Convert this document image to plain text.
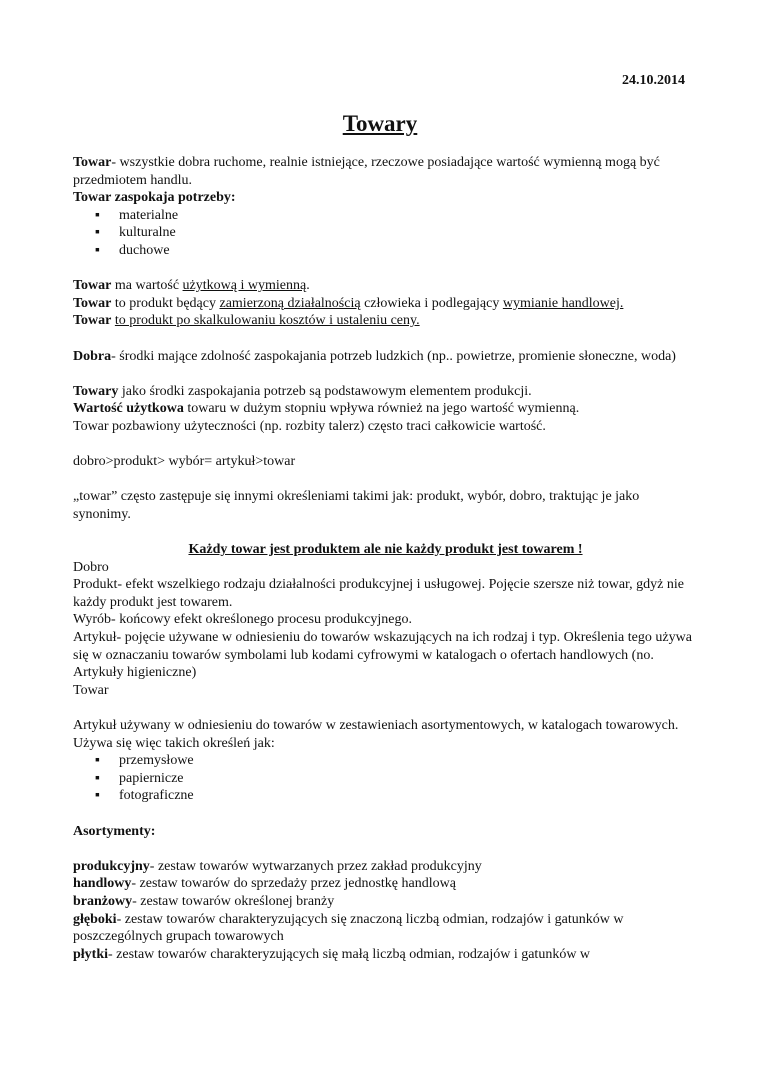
24.10.2014
Towary

Towar- wszystkie dobra ruchome, realnie istniejące, rzeczowe posiadające wartość wymienną mogą być przedmiotem handlu.

Towar zaspokaja potrzeby:

▪ materialne
▪ kulturalne
▪ duchowe

Towar ma wartość użytkową i wymienną.

Towar to produkt będący zamierzoną działalnością człowieka i podlegający wymianie handlowej.

Towar to produkt po skalkulowaniu kosztów i ustaleniu ceny.

Dobra- środki mające zdolność zaspokajania potrzeb ludzkich (np.. powietrze, promienie słoneczne, woda)

Towary jako środki zaspokajania potrzeb są podstawowym elementem produkcji.

Wartość użytkowa towaru w dużym stopniu wpływa również na jego wartość wymienną.

Towar pozbawiony użyteczności (np. rozbity talerz) często traci całkowicie wartość.

dobro>produkt> wybór= artykuł>towar

„towar” często zastępuje się innymi określeniami takimi jak: produkt, wybór, dobro, traktując je jako synonimy.

Każdy towar jest produktem ale nie każdy produkt jest towarem !

Dobro

Produkt- efekt wszelkiego rodzaju działalności produkcyjnej i usługowej. Pojęcie szersze niż towar, gdyż nie każdy produkt jest towarem.

Wyrób- końcowy efekt określonego procesu produkcyjnego.

Artykuł- pojęcie używane w odniesieniu do towarów wskazujących na ich rodzaj i typ. Określenia tego używa się w oznaczaniu towarów symbolami lub kodami cyfrowymi w katalogach o ofertach handlowych (no. Artykuły higieniczne)

Towar

Artykuł używany w odniesieniu do towarów w zestawieniach asortymentowych, w katalogach towarowych. Używa się więc takich określeń jak:

▪ przemysłowe
▪ papiernicze
▪ fotograficzne

Asortymenty:

produkcyjny- zestaw towarów wytwarzanych przez zakład produkcyjny

handlowy- zestaw towarów do sprzedaży przez jednostkę handlową

branżowy- zestaw towarów określonej branży

głęboki- zestaw towarów charakteryzujących się znaczoną liczbą odmian, rodzajów i gatunków w poszczególnych grupach towarowych

płytki- zestaw towarów charakteryzujących się małą liczbą odmian, rodzajów i gatunków w
